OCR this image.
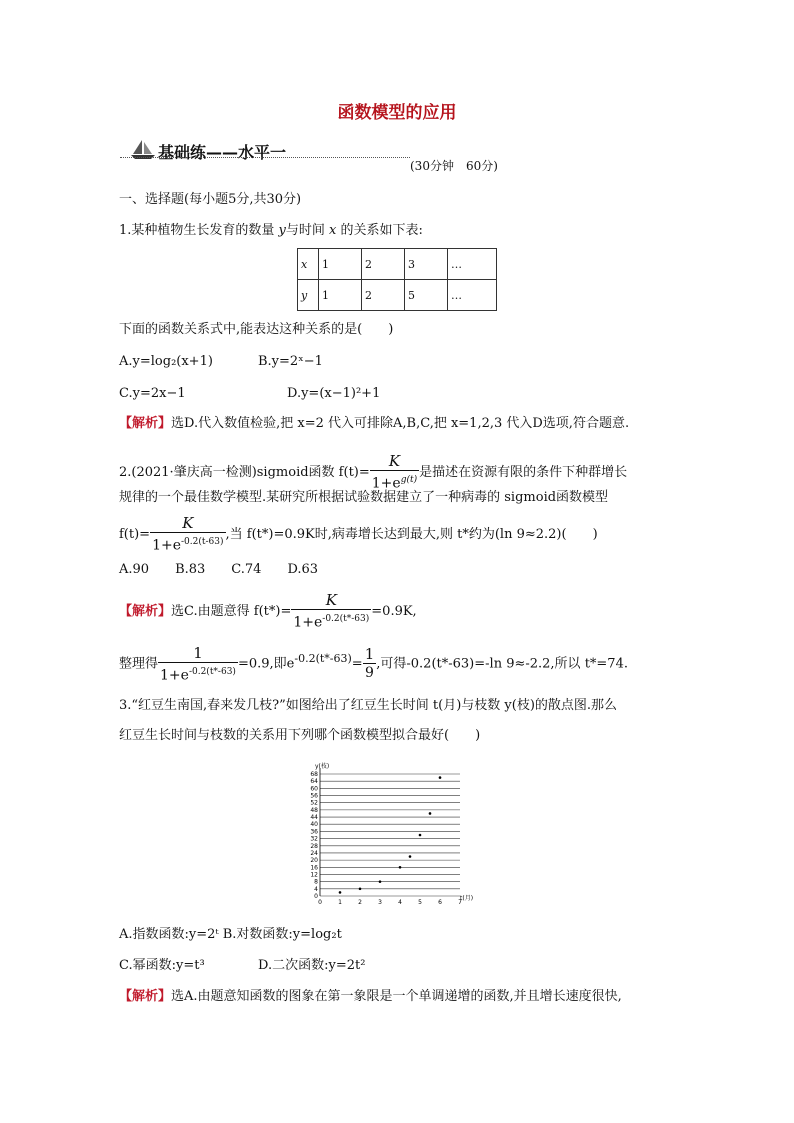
函数模型的应用
基础练——水平一
(30分钟　60分)
一、选择题(每小题5分,共30分)
1.某种植物生长发育的数量 y与时间 x 的关系如下表:
x	1	2	3	…
y	1	2	5	…
下面的函数关系式中,能表达这种关系的是(　　)
A.y=log₂(x+1)	B.y=2ˣ−1
C.y=2x−1	D.y=(x−1)²+1
【解析】选D.代入数值检验,把 x=2 代入可排除A,B,C,把 x=1,2,3 代入D选项,符合题意.
2.(2021·肇庆高一检测)sigmoid函数 $f(t)= \frac{K}{1+e^{g(t)}}$ 是描述在资源有限的条件下种群增长
规律的一个最佳数学模型.某研究所根据试验数据建立了一种病毒的 sigmoid函数模型
$f(t)= \frac{K}{1+e^{-0.2(t-63)}}$ ,当 f(t*)=0.9K时,病毒增长达到最大,则 t*约为(ln 9≈2.2)(　　)
A.90　　B.83　　C.74　　D.63
【解析】选C.由题意得 $f(t*)= \frac{K}{1+e^{-0.2(t*-63)}} =0.9K$,
整理得 $\frac{1}{1+e^{-0.2(t*-63)}} =0.9$,即$e^{-0.2(t*-63)}= \frac{1}{9}$ ,可得-0.2(t*-63)=-ln 9≈-2.2,所以 t*=74.
3.“红豆生南国,春来发几枝?”如图给出了红豆生长时间 t(月)与枝数 y(枝)的散点图.那么
红豆生长时间与枝数的关系用下列哪个函数模型拟合最好(　　)
0
4
8
12
16
20
24
28
32
36
40
44
48
52
56
60
64
68
0	1	2	3	4	5	6	7
y(枝)
t(月)
A.指数函数:y=2ᵗ B.对数函数:y=log₂t
C.幂函数:y=t³	D.二次函数:y=2t²
【解析】选A.由题意知函数的图象在第一象限是一个单调递增的函数,并且增长速度很快,
